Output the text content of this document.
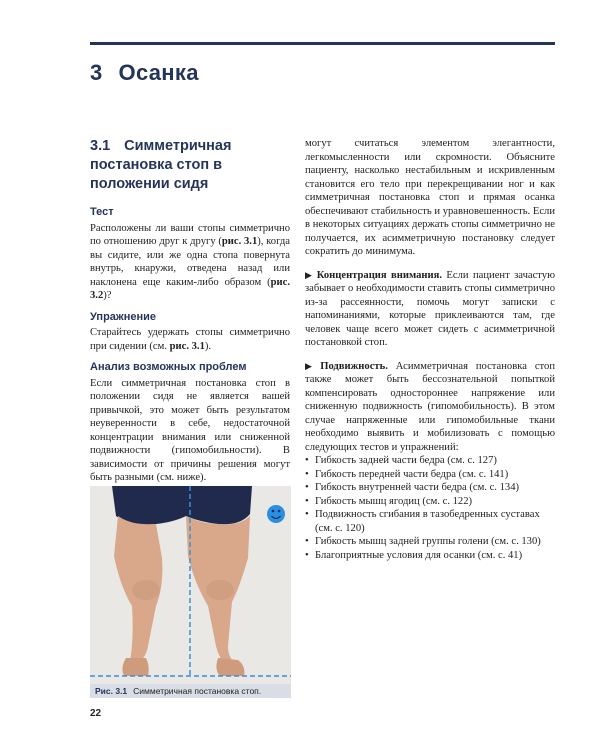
3 Осанка
3.1 Симметричная постановка стоп в положении сидя
Тест

Расположены ли ваши стопы симметрично по отношению друг к другу (рис. 3.1), когда вы сидите, или же одна стопа повернута внутрь, кнаружи, отведена назад или наклонена еще каким-либо образом (рис. 3.2)?

Упражнение

Старайтесь удержать стопы симметрично при сидении (см. рис. 3.1).

Анализ возможных проблем

Если симметричная постановка стоп в положении сидя не является вашей привычкой, это может быть результатом неуверенности в себе, недостаточной концентрации внимания или сниженной подвижности (гипомобильности). В зависимости от причины решения могут быть разными (см. ниже).

могут считаться элементом элегантности, легкомысленности или скромности. Объясните пациенту, насколько нестабильным и искривленным становится его тело при перекрещивании ног и как симметричная постановка стоп и прямая осанка обеспечивают стабильность и уравновешенность. Если в некоторых ситуациях держать стопы симметрично не получается, их асимметричную постановку следует сократить до минимума.

▶ Концентрация внимания. Если пациент зачастую забывает о необходимости ставить стопы симметрично из-за рассеянности, помочь могут записки с напоминаниями, которые приклеиваются там, где человек чаще всего может сидеть с асимметричной постановкой стоп.

▶ Подвижность. Асимметричная постановка стоп также может быть бессознательной попыткой компенсировать одностороннее напряжение или сниженную подвижность (гипомобильность). В этом случае напряженные или гипомобильные ткани необходимо выявить и мобилизовать с помощью следующих тестов и упражнений:

• Гибкость задней части бедра (см. с. 127)
• Гибкость передней части бедра (см. с. 141)
• Гибкость внутренней части бедра (см. с. 134)
• Гибкость мышц ягодиц (см. с. 122)
• Подвижность сгибания в тазобедренных суставах (см. с. 120)
• Гибкость мышц задней группы голени (см. с. 130)
• Благоприятные условия для осанки (см. с. 41)
Рис. 3.1 Симметричная постановка стоп.
22
